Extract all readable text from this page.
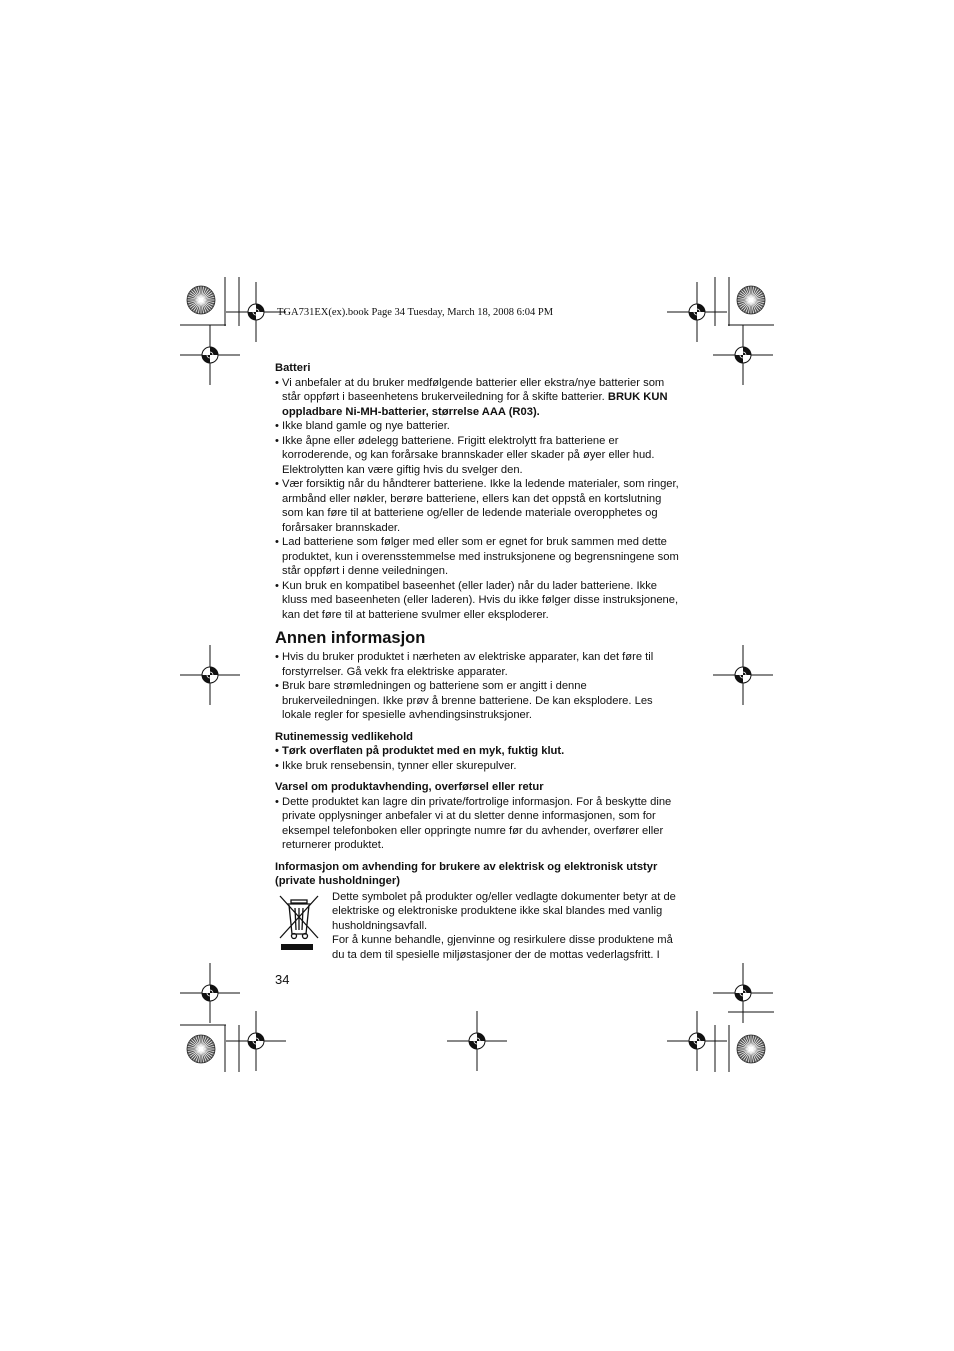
TGA731EX(ex).book Page 34 Tuesday, March 18, 2008 6:04 PM

Batteri

• Vi anbefaler at du bruker medfølgende batterier eller ekstra/nye batterier som står oppført i baseenhetens brukerveiledning for å skifte batterier. BRUK KUN oppladbare Ni-MH-batterier, størrelse AAA (R03).
• Ikke bland gamle og nye batterier.
• Ikke åpne eller ødelegg batteriene. Frigitt elektrolytt fra batteriene er korroderende, og kan forårsake brannskader eller skader på øyer eller hud. Elektrolytten kan være giftig hvis du svelger den.
• Vær forsiktig når du håndterer batteriene. Ikke la ledende materialer, som ringer, armbånd eller nøkler, berøre batteriene, ellers kan det oppstå en kortslutning som kan føre til at batteriene og/eller de ledende materiale overopphetes og forårsaker brannskader.
• Lad batteriene som følger med eller som er egnet for bruk sammen med dette produktet, kun i overensstemmelse med instruksjonene og begrensningene som står oppført i denne veiledningen.
• Kun bruk en kompatibel baseenhet (eller lader) når du lader batteriene. Ikke kluss med baseenheten (eller laderen). Hvis du ikke følger disse instruksjonene, kan det føre til at batteriene svulmer eller eksploderer.
Annen informasjon
• Hvis du bruker produktet i nærheten av elektriske apparater, kan det føre til forstyrrelser. Gå vekk fra elektriske apparater.
• Bruk bare strømledningen og batteriene som er angitt i denne brukerveiledningen. Ikke prøv å brenne batteriene. De kan eksplodere. Les lokale regler for spesielle avhendingsinstruksjoner.

Rutinemessig vedlikehold

• Tørk overflaten på produktet med en myk, fuktig klut.
• Ikke bruk rensebensin, tynner eller skurepulver.

Varsel om produktavhending, overførsel eller retur

• Dette produktet kan lagre din private/fortrolige informasjon. For å beskytte dine private opplysninger anbefaler vi at du sletter denne informasjonen, som for eksempel telefonboken eller oppringte numre før du avhender, overfører eller returnerer produktet.

Informasjon om avhending for brukere av elektrisk og elektronisk utstyr (private husholdninger)

Dette symbolet på produkter og/eller vedlagte dokumenter betyr at de elektriske og elektroniske produktene ikke skal blandes med vanlig husholdningsavfall.

For å kunne behandle, gjenvinne og resirkulere disse produktene må du ta dem til spesielle miljøstasjoner der de mottas vederlagsfritt. I

34
